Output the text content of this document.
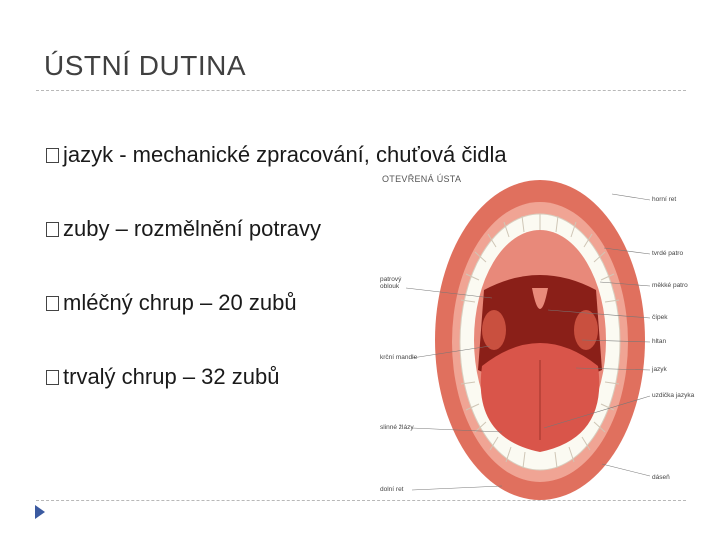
ÚSTNÍ DUTINA
jazyk - mechanické zpracování, chuťová čidla
zuby – rozmělnění potravy
mléčný chrup – 20 zubů
trvalý chrup – 32 zubů
OTEVŘENÁ ÚSTA
horní ret
tvrdé patro
patrový
oblouk	měkké patro
čípek
hltan
krční mandle
jazyk
uzdička jazyka
slinné žlázy
dáseň
dolní ret
